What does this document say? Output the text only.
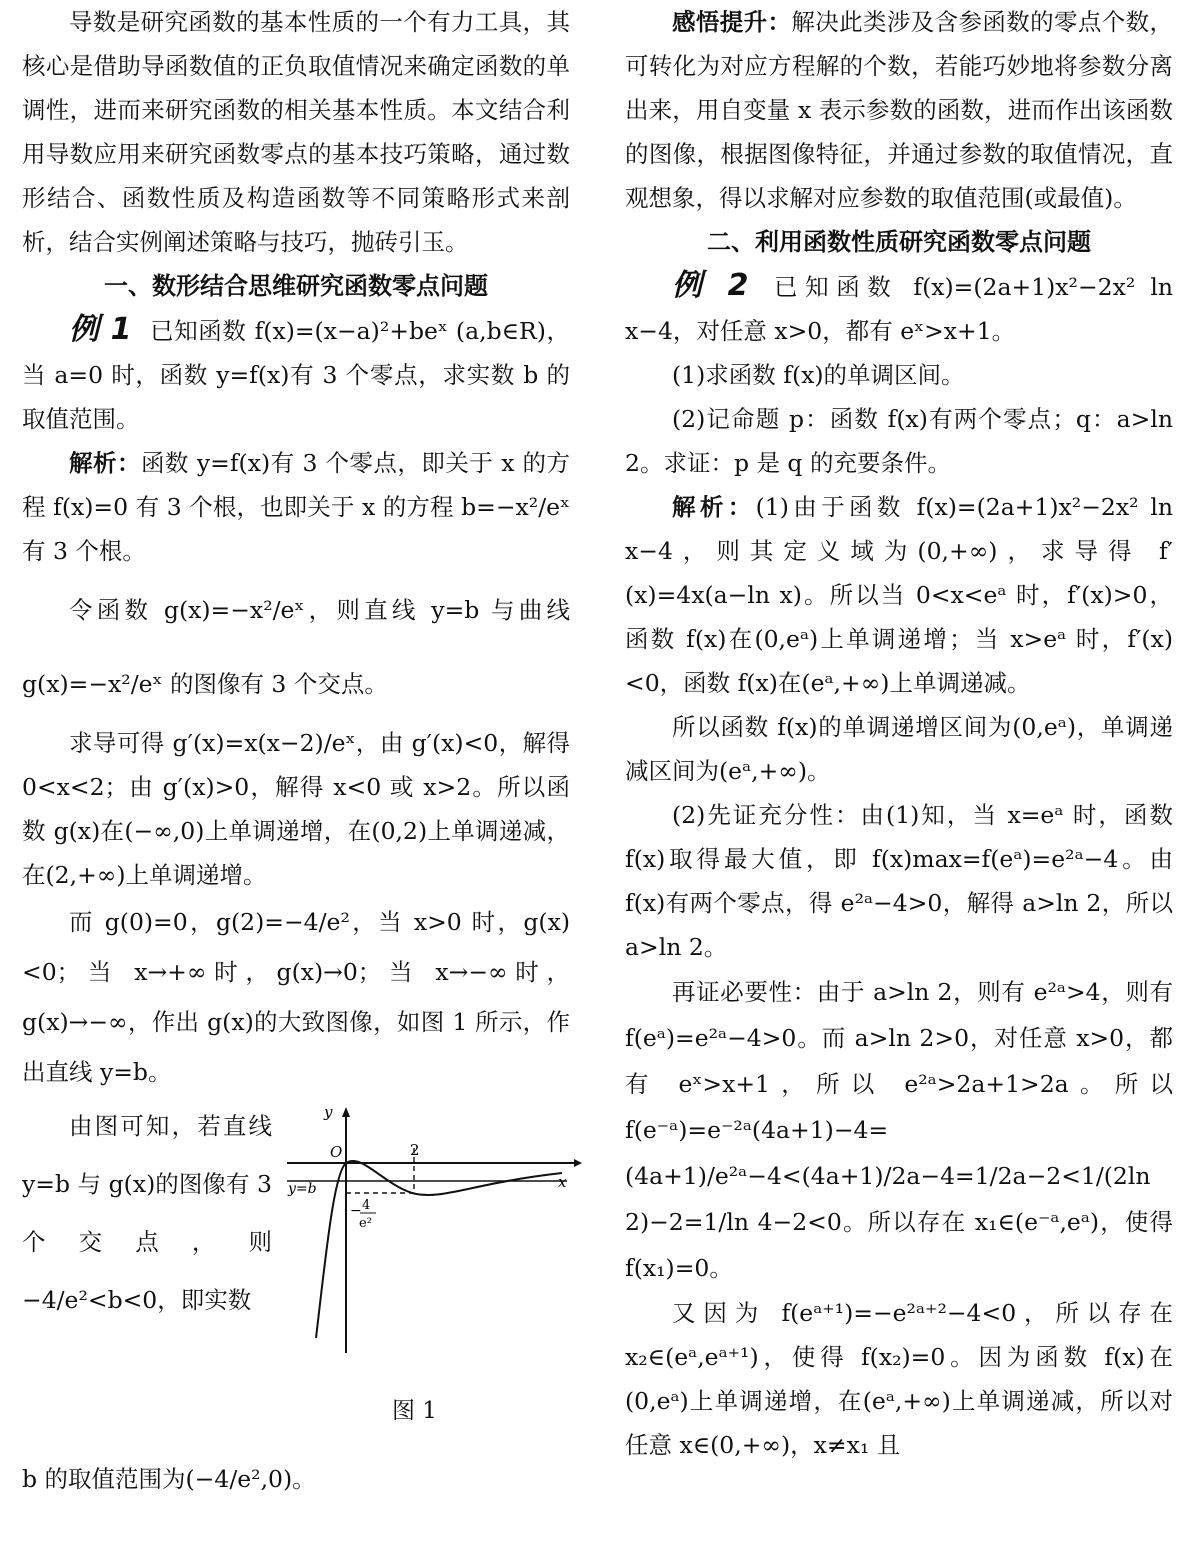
导数是研究函数的基本性质的一个有力工具，其核心是借助导函数值的正负取值情况来确定函数的单调性，进而来研究函数的相关基本性质。本文结合利用导数应用来研究函数零点的基本技巧策略，通过数形结合、函数性质及构造函数等不同策略形式来剖析，结合实例阐述策略与技巧，抛砖引玉。

一、数形结合思维研究函数零点问题

例 1 已知函数 f(x)=(x−a)²+beˣ (a,b∈R)，当 a=0 时，函数 y=f(x)有 3 个零点，求实数 b 的取值范围。

解析：函数 y=f(x)有 3 个零点，即关于 x 的方程 f(x)=0 有 3 个根，也即关于 x 的方程 b=−x²/eˣ 有 3 个根。

令函数 g(x)=−x²/eˣ，则直线 y=b 与曲线 g(x)=−x²/eˣ 的图像有 3 个交点。

求导可得 g′(x)=x(x−2)/eˣ，由 g′(x)<0，解得 0<x<2；由 g′(x)>0，解得 x<0 或 x>2。所以函数 g(x)在(−∞,0)上单调递增，在(0,2)上单调递减，在(2,+∞)上单调递增。

而 g(0)=0，g(2)=−4/e²，当 x>0 时，g(x)<0；当 x→+∞时，g(x)→0；当 x→−∞时，g(x)→−∞，作出 g(x)的大致图像，如图 1 所示，作出直线 y=b。

由图可知，若直线 y=b 与 g(x)的图像有 3 个交点，则 −4/e²<b<0，即实数

y
x
O	2
y=b
− 4
e²
图 1

b 的取值范围为(−4/e²,0)。

感悟提升：解决此类涉及含参函数的零点个数，可转化为对应方程解的个数，若能巧妙地将参数分离出来，用自变量 x 表示参数的函数，进而作出该函数的图像，根据图像特征，并通过参数的取值情况，直观想象，得以求解对应参数的取值范围(或最值)。

二、利用函数性质研究函数零点问题

例 2 已知函数 f(x)=(2a+1)x²−2x² ln x−4，对任意 x>0，都有 eˣ>x+1。

(1)求函数 f(x)的单调区间。

(2)记命题 p：函数 f(x)有两个零点；q：a>ln 2。求证：p 是 q 的充要条件。

解析：(1)由于函数 f(x)=(2a+1)x²−2x² ln x−4，则其定义域为(0,+∞)，求导得 f′(x)=4x(a−ln x)。所以当 0<x<eᵃ 时，f′(x)>0，函数 f(x)在(0,eᵃ)上单调递增；当 x>eᵃ 时，f′(x)<0，函数 f(x)在(eᵃ,+∞)上单调递减。

所以函数 f(x)的单调递增区间为(0,eᵃ)，单调递减区间为(eᵃ,+∞)。

(2)先证充分性：由(1)知，当 x=eᵃ 时，函数 f(x)取得最大值，即 f(x)max=f(eᵃ)=e²ᵃ−4。由 f(x)有两个零点，得 e²ᵃ−4>0，解得 a>ln 2，所以 a>ln 2。

再证必要性：由于 a>ln 2，则有 e²ᵃ>4，则有 f(eᵃ)=e²ᵃ−4>0。而 a>ln 2>0，对任意 x>0，都有 eˣ>x+1，所以 e²ᵃ>2a+1>2a。所以 f(e⁻ᵃ)=e⁻²ᵃ(4a+1)−4=(4a+1)/e²ᵃ−4<(4a+1)/2a−4=1/2a−2<1/(2ln 2)−2=1/ln 4−2<0。所以存在 x₁∈(e⁻ᵃ,eᵃ)，使得 f(x₁)=0。

又因为 f(eᵃ⁺¹)=−e²ᵃ⁺²−4<0，所以存在 x₂∈(eᵃ,eᵃ⁺¹)，使得 f(x₂)=0。因为函数 f(x)在(0,eᵃ)上单调递增，在(eᵃ,+∞)上单调递减，所以对任意 x∈(0,+∞)，x≠x₁ 且
